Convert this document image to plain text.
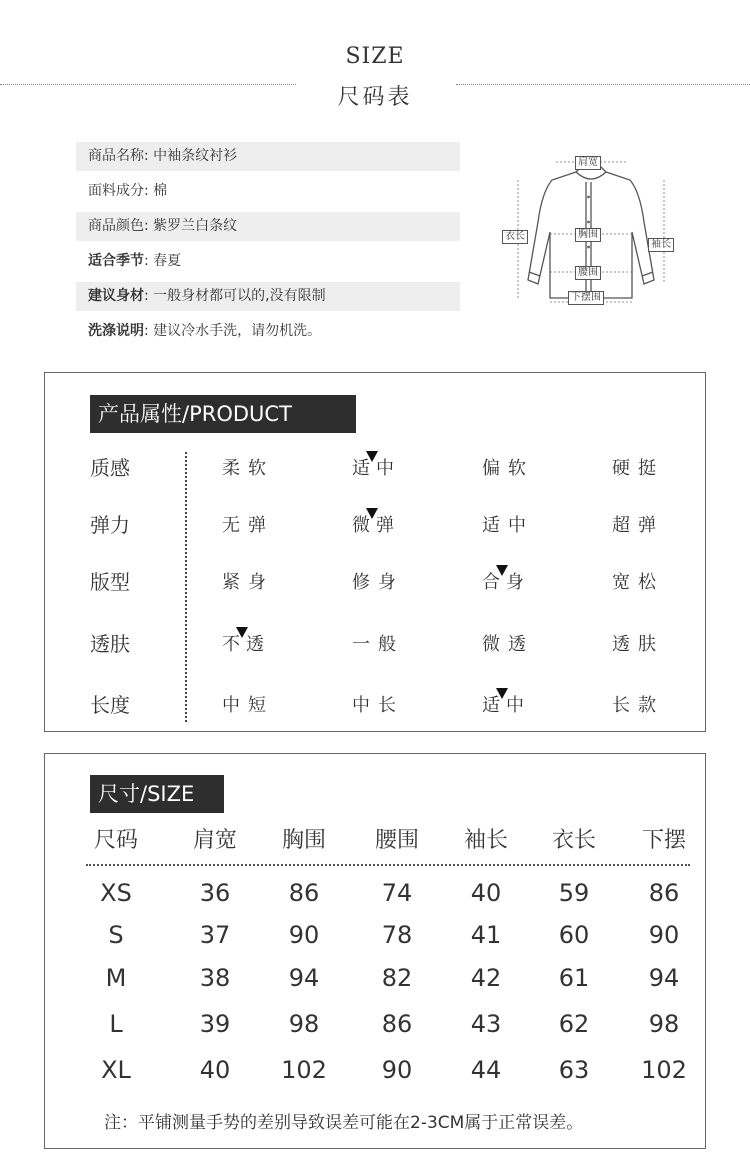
SIZE
尺码表
商品名称: 中袖条纹衬衫
面料成分: 棉
商品颜色: 紫罗兰白条纹
适合季节: 春夏
建议身材: 一般身材都可以的,没有限制
洗涤说明: 建议冷水手洗，请勿机洗。
肩宽
衣长	胸围
袖长
腰围
下摆围
产品属性/PRODUCT
质感	柔软	适 中	偏软	硬挺
弹力	无弹	微 弹	适中	超弹
版型	紧身	修身	合 身	宽松
透肤	不 透	一般	微透	透肤
长度	中短	中长	适 中	长款
尺寸/SIZE
尺码	肩宽	胸围	腰围	袖长	衣长	下摆
XS	36	86	74	40	59	86
S	37	90	78	41	60	90
M	38	94	82	42	61	94
L	39	98	86	43	62	98
XL	40	102	90	44	63	102
注：平铺测量手势的差别导致误差可能在2-3CM属于正常误差。
